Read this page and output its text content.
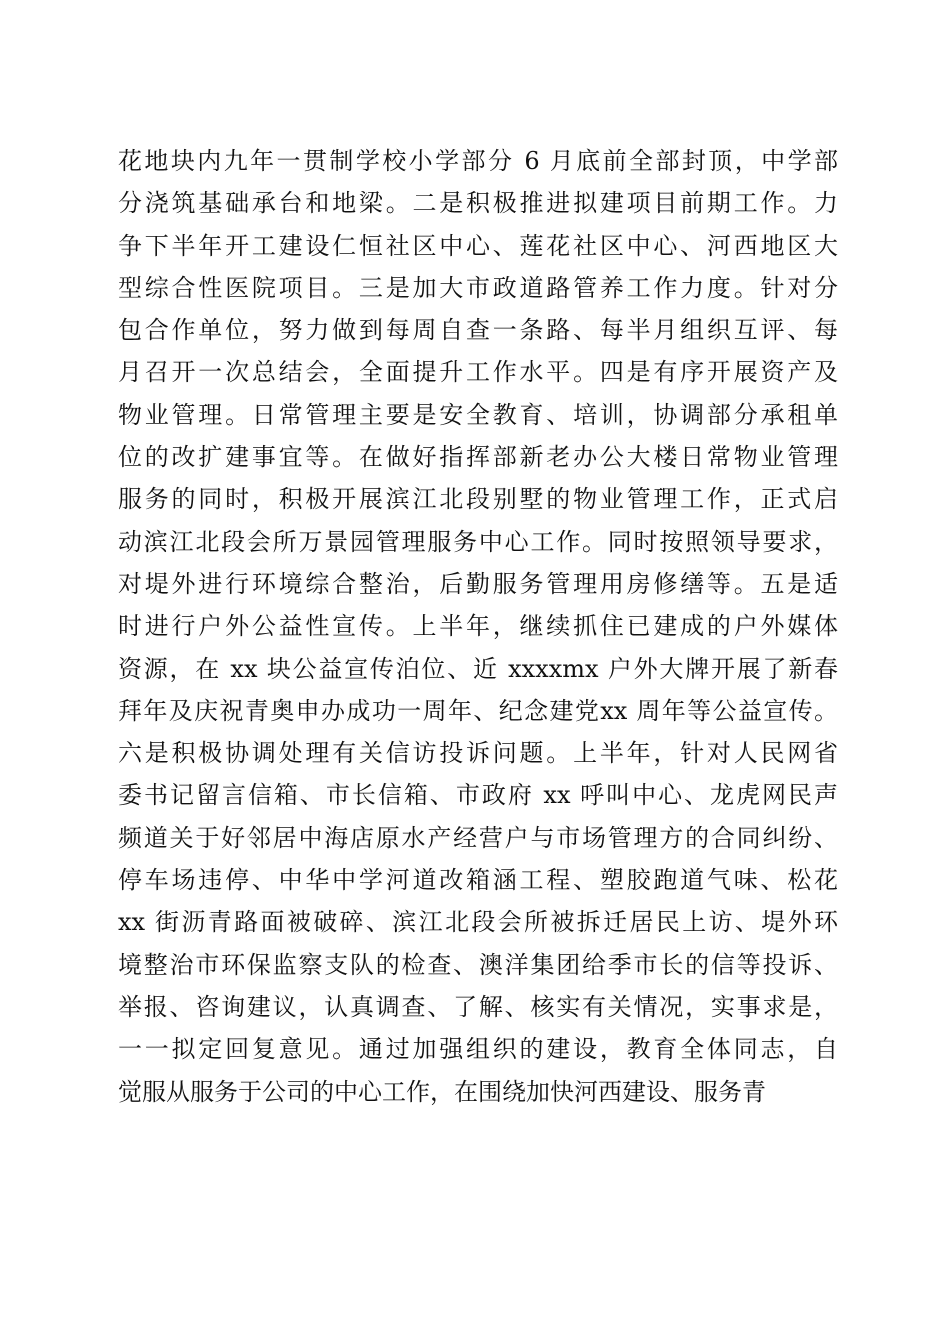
花地块内九年一贯制学校小学部分 6 月底前全部封顶，中学部
分浇筑基础承台和地梁。二是积极推进拟建项目前期工作。力
争下半年开工建设仁恒社区中心、莲花社区中心、河西地区大
型综合性医院项目。三是加大市政道路管养工作力度。针对分
包合作单位，努力做到每周自查一条路、每半月组织互评、每
月召开一次总结会，全面提升工作水平。四是有序开展资产及
物业管理。日常管理主要是安全教育、培训，协调部分承租单
位的改扩建事宜等。在做好指挥部新老办公大楼日常物业管理
服务的同时，积极开展滨江北段别墅的物业管理工作，正式启
动滨江北段会所万景园管理服务中心工作。同时按照领导要求，
对堤外进行环境综合整治，后勤服务管理用房修缮等。五是适
时进行户外公益性宣传。上半年，继续抓住已建成的户外媒体
资源，在 xx 块公益宣传泊位、近 xxxxmx 户外大牌开展了新春
拜年及庆祝青奥申办成功一周年、纪念建党xx 周年等公益宣传。
六是积极协调处理有关信访投诉问题。上半年，针对人民网省
委书记留言信箱、市长信箱、市政府 xx 呼叫中心、龙虎网民声
频道关于好邻居中海店原水产经营户与市场管理方的合同纠纷、
停车场违停、中华中学河道改箱涵工程、塑胶跑道气味、松花
xx 街沥青路面被破碎、滨江北段会所被拆迁居民上访、堤外环
境整治市环保监察支队的检查、澳洋集团给季市长的信等投诉、
举报、咨询建议，认真调查、了解、核实有关情况，实事求是，
一一拟定回复意见。通过加强组织的建设，教育全体同志，自
觉服从服务于公司的中心工作，在围绕加快河西建设、服务青
